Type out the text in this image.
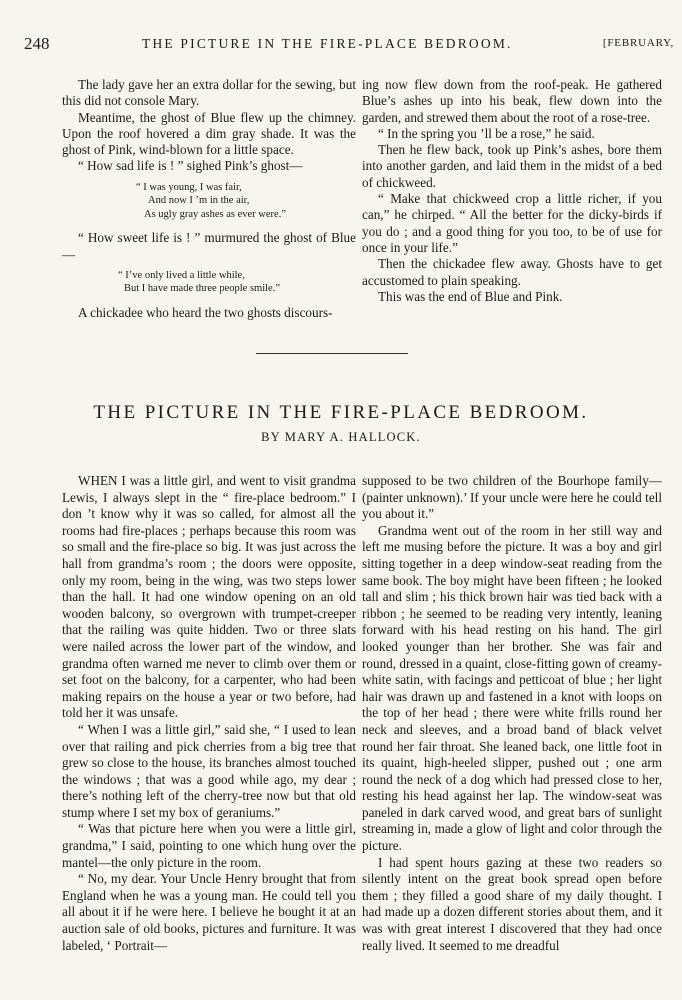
248	THE PICTURE IN THE FIRE-PLACE BEDROOM.	[FEBRUARY,

The lady gave her an extra dollar for the sewing, but this did not console Mary.

Meantime, the ghost of Blue flew up the chimney. Upon the roof hovered a dim gray shade. It was the ghost of Pink, wind-blown for a little space.

“ How sad life is ! ” sighed Pink’s ghost—

“ I was young, I was fair,
And now I ’m in the air,
As ugly gray ashes as ever were.”

“ How sweet life is ! ” murmured the ghost of Blue—

“ I’ve only lived a little while,
But I have made three people smile.”

A chickadee who heard the two ghosts discours-

ing now flew down from the roof-peak. He gathered Blue’s ashes up into his beak, flew down into the garden, and strewed them about the root of a rose-tree.

“ In the spring you ’ll be a rose,” he said.

Then he flew back, took up Pink’s ashes, bore them into another garden, and laid them in the midst of a bed of chickweed.

“ Make that chickweed crop a little richer, if you can,” he chirped. “ All the better for the dicky-birds if you do ; and a good thing for you too, to be of use for once in your life.”

Then the chickadee flew away. Ghosts have to get accustomed to plain speaking.

This was the end of Blue and Pink.

THE PICTURE IN THE FIRE-PLACE BEDROOM.
BY MARY A. HALLOCK.

WHEN I was a little girl, and went to visit grandma Lewis, I always slept in the “ fire-place bedroom.” I don ’t know why it was so called, for almost all the rooms had fire-places ; perhaps because this room was so small and the fire-place so big. It was just across the hall from grandma’s room ; the doors were opposite, only my room, being in the wing, was two steps lower than the hall. It had one window opening on an old wooden balcony, so overgrown with trumpet-creeper that the railing was quite hidden. Two or three slats were nailed across the lower part of the window, and grandma often warned me never to climb over them or set foot on the balcony, for a carpenter, who had been making repairs on the house a year or two before, had told her it was unsafe.

“ When I was a little girl,” said she, “ I used to lean over that railing and pick cherries from a big tree that grew so close to the house, its branches almost touched the windows ; that was a good while ago, my dear ; there’s nothing left of the cherry-tree now but that old stump where I set my box of geraniums.”

“ Was that picture here when you were a little girl, grandma,” I said, pointing to one which hung over the mantel—the only picture in the room.

“ No, my dear. Your Uncle Henry brought that from England when he was a young man. He could tell you all about it if he were here. I believe he bought it at an auction sale of old books, pictures and furniture. It was labeled, ‘ Portrait—

supposed to be two children of the Bourhope family—(painter unknown).’ If your uncle were here he could tell you about it.”

Grandma went out of the room in her still way and left me musing before the picture. It was a boy and girl sitting together in a deep window-seat reading from the same book. The boy might have been fifteen ; he looked tall and slim ; his thick brown hair was tied back with a ribbon ; he seemed to be reading very intently, leaning forward with his head resting on his hand. The girl looked younger than her brother. She was fair and round, dressed in a quaint, close-fitting gown of creamy-white satin, with facings and petticoat of blue ; her light hair was drawn up and fastened in a knot with loops on the top of her head ; there were white frills round her neck and sleeves, and a broad band of black velvet round her fair throat. She leaned back, one little foot in its quaint, high-heeled slipper, pushed out ; one arm round the neck of a dog which had pressed close to her, resting his head against her lap. The window-seat was paneled in dark carved wood, and great bars of sunlight streaming in, made a glow of light and color through the picture.

I had spent hours gazing at these two readers so silently intent on the great book spread open before them ; they filled a good share of my daily thought. I had made up a dozen different stories about them, and it was with great interest I discovered that they had once really lived. It seemed to me dreadful
